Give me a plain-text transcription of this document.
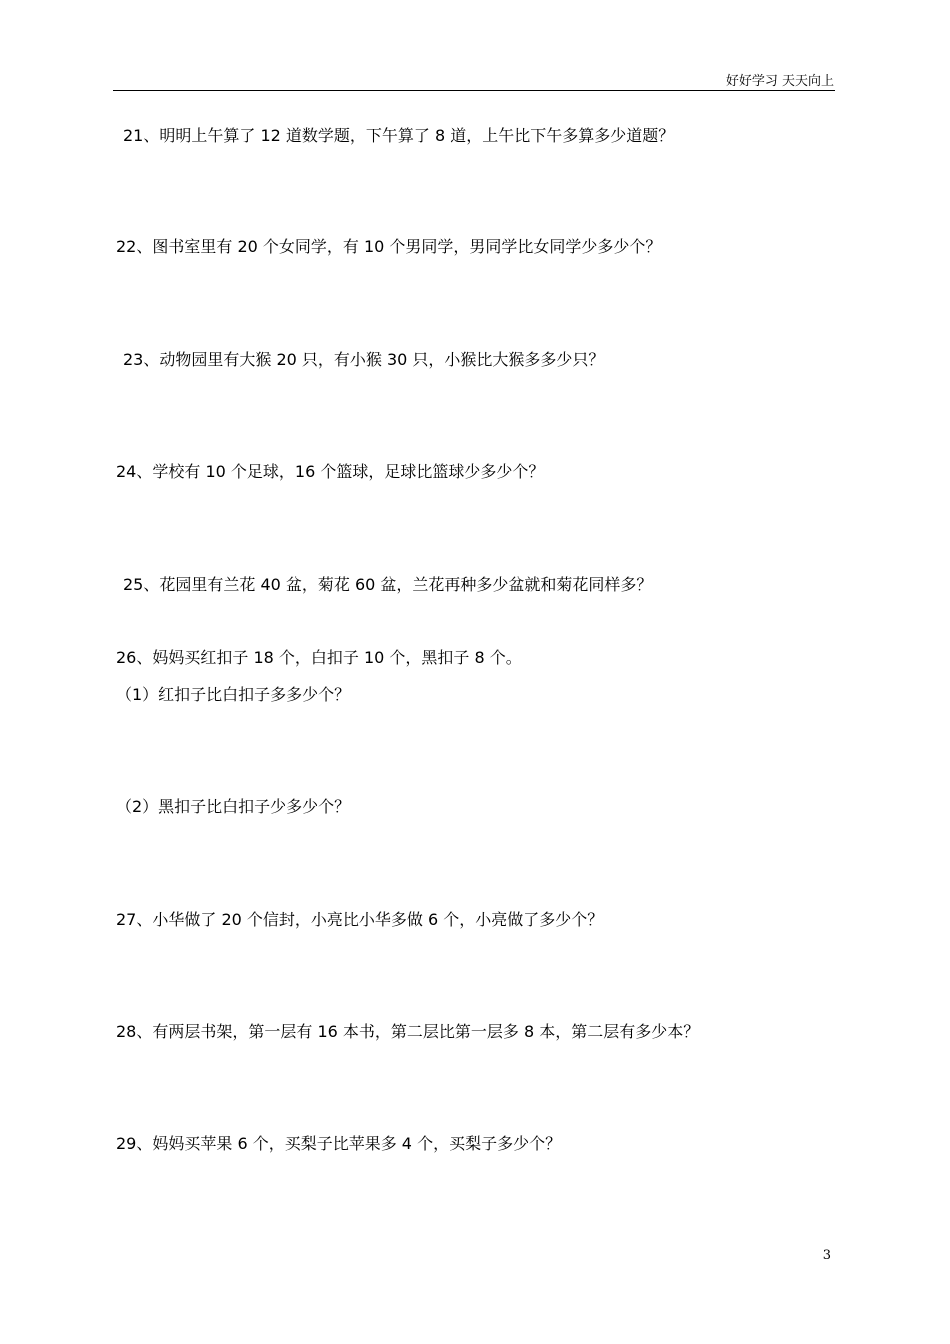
好好学习 天天向上
21、明明上午算了 12 道数学题，下午算了 8 道，上午比下午多算多少道题？
22、图书室里有 20 个女同学，有 10 个男同学，男同学比女同学少多少个？
23、动物园里有大猴 20 只，有小猴 30 只，小猴比大猴多多少只？
24、学校有 10 个足球，16 个篮球，足球比篮球少多少个？
25、花园里有兰花 40 盆，菊花 60 盆，兰花再种多少盆就和菊花同样多？
26、妈妈买红扣子 18 个，白扣子 10 个，黑扣子 8 个。
（1）红扣子比白扣子多多少个？
（2）黑扣子比白扣子少多少个？
27、小华做了 20 个信封，小亮比小华多做 6 个，小亮做了多少个？
28、有两层书架，第一层有 16 本书，第二层比第一层多 8 本，第二层有多少本？
29、妈妈买苹果 6 个，买梨子比苹果多 4 个，买梨子多少个？
3
